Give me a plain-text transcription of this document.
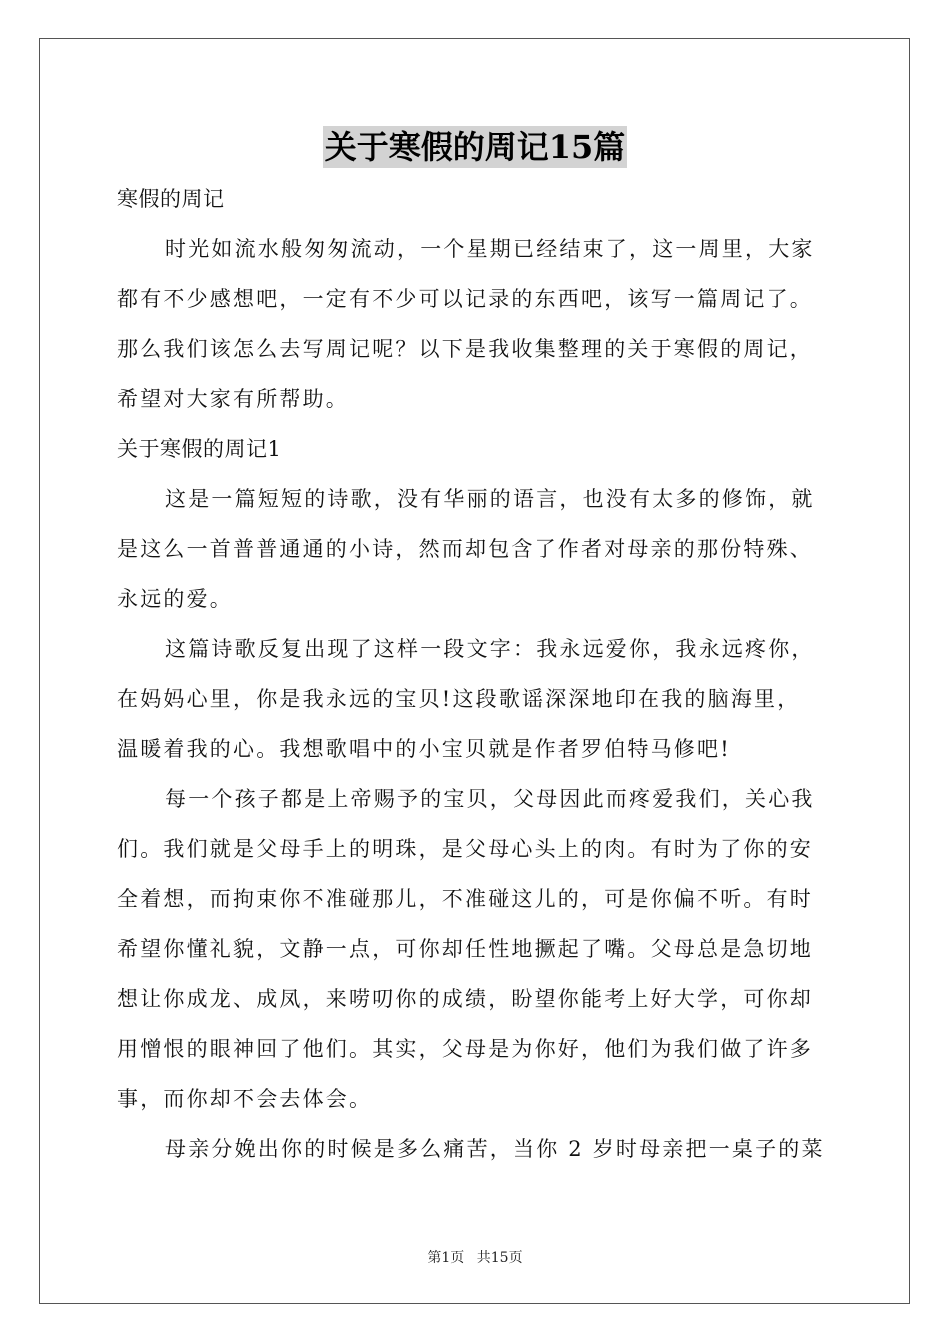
关于寒假的周记15篇
寒假的周记
时光如流水般匆匆流动，一个星期已经结束了，这一周里，大家
都有不少感想吧，一定有不少可以记录的东西吧，该写一篇周记了。
那么我们该怎么去写周记呢？以下是我收集整理的关于寒假的周记，
希望对大家有所帮助。
关于寒假的周记1
这是一篇短短的诗歌，没有华丽的语言，也没有太多的修饰，就
是这么一首普普通通的小诗，然而却包含了作者对母亲的那份特殊、
永远的爱。
这篇诗歌反复出现了这样一段文字：我永远爱你，我永远疼你，
在妈妈心里，你是我永远的宝贝!这段歌谣深深地印在我的脑海里，
温暖着我的心。我想歌唱中的小宝贝就是作者罗伯特马修吧!
每一个孩子都是上帝赐予的宝贝，父母因此而疼爱我们，关心我
们。我们就是父母手上的明珠，是父母心头上的肉。有时为了你的安
全着想，而拘束你不准碰那儿，不准碰这儿的，可是你偏不听。有时
希望你懂礼貌，文静一点，可你却任性地撅起了嘴。父母总是急切地
想让你成龙、成凤，来唠叨你的成绩，盼望你能考上好大学，可你却
用憎恨的眼神回了他们。其实，父母是为你好，他们为我们做了许多
事，而你却不会去体会。
母亲分娩出你的时候是多么痛苦，当你 2 岁时母亲把一桌子的菜
第1页 共15页
